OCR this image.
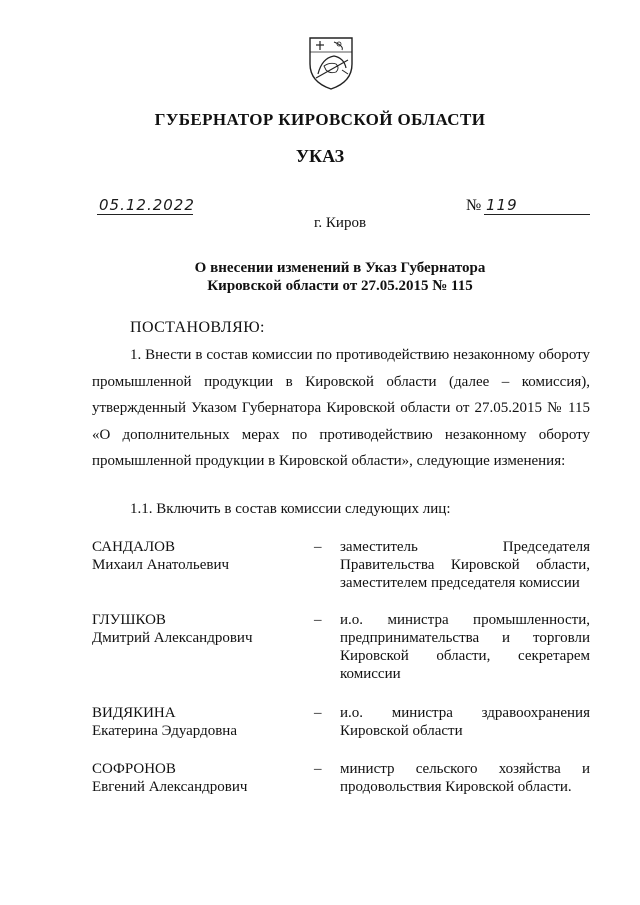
ГУБЕРНАТОР КИРОВСКОЙ ОБЛАСТИ
УКАЗ
05.12.2022	№ 119
г. Киров
О внесении изменений в Указ Губернатора
Кировской области от 27.05.2015 № 115
ПОСТАНОВЛЯЮ:
1. Внести в состав комиссии по противодействию незаконному обороту промышленной продукции в Кировской области (далее – комиссия), утвержденный Указом Губернатора Кировской области от 27.05.2015 № 115 «О дополнительных мерах по противодействию незаконному обороту промышленной продукции в Кировской области», следующие изменения:
1.1. Включить в состав комиссии следующих лиц:
САНДАЛОВ
Михаил Анатольевич
– заместитель Председателя Правительства Кировской области, заместителем председателя комиссии
ГЛУШКОВ
Дмитрий Александрович
– и.о. министра промышленности, предпринимательства и торговли Кировской области, секретарем комиссии
ВИДЯКИНА
Екатерина Эдуардовна
– и.о. министра здравоохранения Кировской области
СОФРОНОВ
Евгений Александрович
– министр сельского хозяйства и продовольствия Кировской области.
